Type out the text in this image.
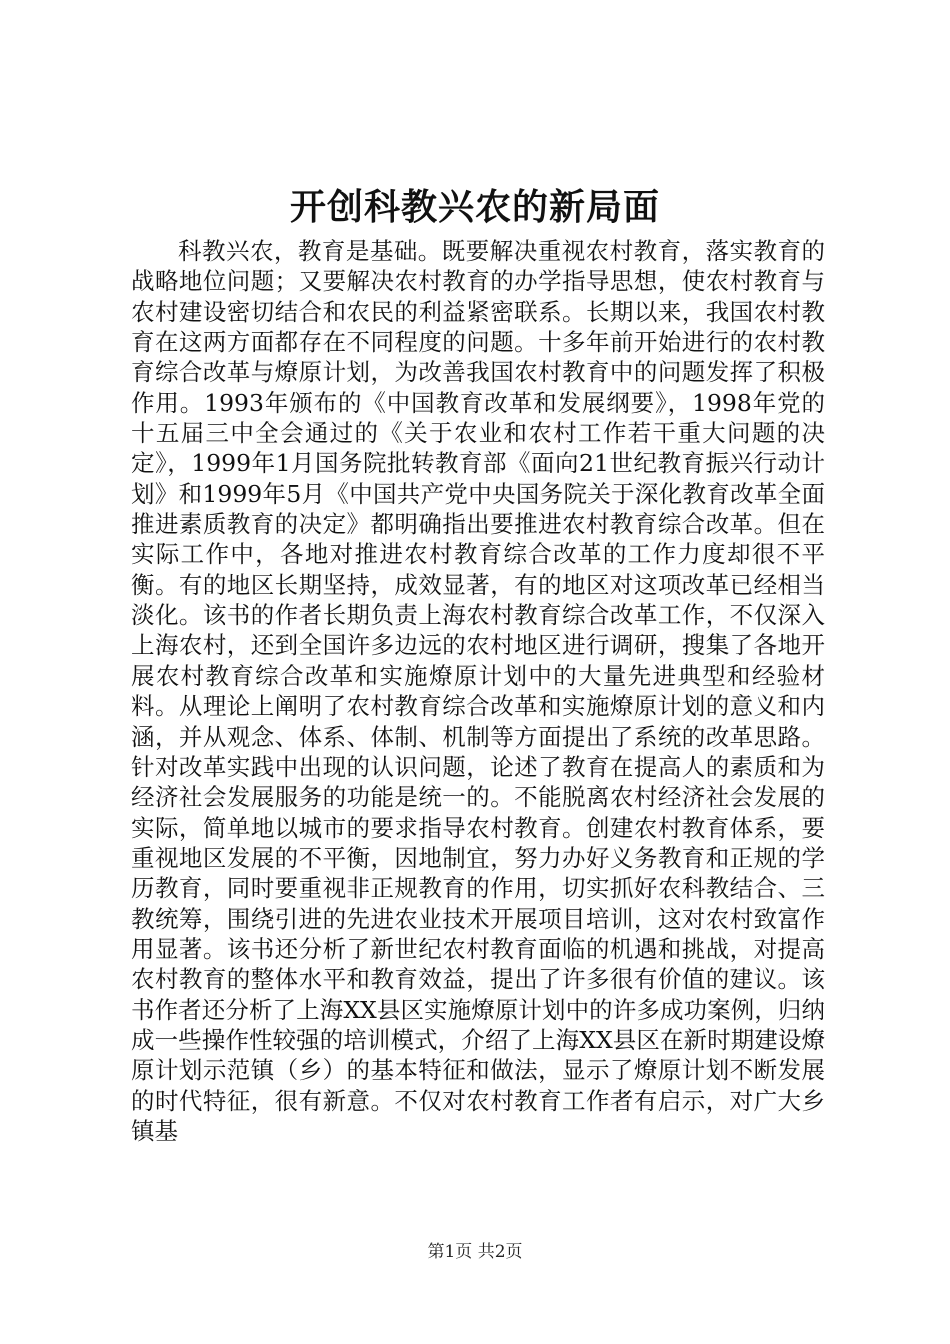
开创科教兴农的新局面

科教兴农，教育是基础。既要解决重视农村教育，落实教育的战略地位问题；又要解决农村教育的办学指导思想，使农村教育与农村建设密切结合和农民的利益紧密联系。长期以来，我国农村教育在这两方面都存在不同程度的问题。十多年前开始进行的农村教育综合改革与燎原计划，为改善我国农村教育中的问题发挥了积极作用。1993年颁布的《中国教育改革和发展纲要》，1998年党的十五届三中全会通过的《关于农业和农村工作若干重大问题的决定》，1999年1月国务院批转教育部《面向21世纪教育振兴行动计划》和1999年5月《中国共产党中央国务院关于深化教育改革全面推进素质教育的决定》都明确指出要推进农村教育综合改革。但在实际工作中，各地对推进农村教育综合改革的工作力度却很不平衡。有的地区长期坚持，成效显著，有的地区对这项改革已经相当淡化。该书的作者长期负责上海农村教育综合改革工作，不仅深入上海农村，还到全国许多边远的农村地区进行调研，搜集了各地开展农村教育综合改革和实施燎原计划中的大量先进典型和经验材料。从理论上阐明了农村教育综合改革和实施燎原计划的意义和内涵，并从观念、体系、体制、机制等方面提出了系统的改革思路。针对改革实践中出现的认识问题，论述了教育在提高人的素质和为经济社会发展服务的功能是统一的。不能脱离农村经济社会发展的实际，简单地以城市的要求指导农村教育。创建农村教育体系，要重视地区发展的不平衡，因地制宜，努力办好义务教育和正规的学历教育，同时要重视非正规教育的作用，切实抓好农科教结合、三教统筹，围绕引进的先进农业技术开展项目培训，这对农村致富作用显著。该书还分析了新世纪农村教育面临的机遇和挑战，对提高农村教育的整体水平和教育效益，提出了许多很有价值的建议。该书作者还分析了上海XX县区实施燎原计划中的许多成功案例，归纳成一些操作性较强的培训模式，介绍了上海XX县区在新时期建设燎原计划示范镇（乡）的基本特征和做法，显示了燎原计划不断发展的时代特征，很有新意。不仅对农村教育工作者有启示，对广大乡镇基

第1页 共2页
